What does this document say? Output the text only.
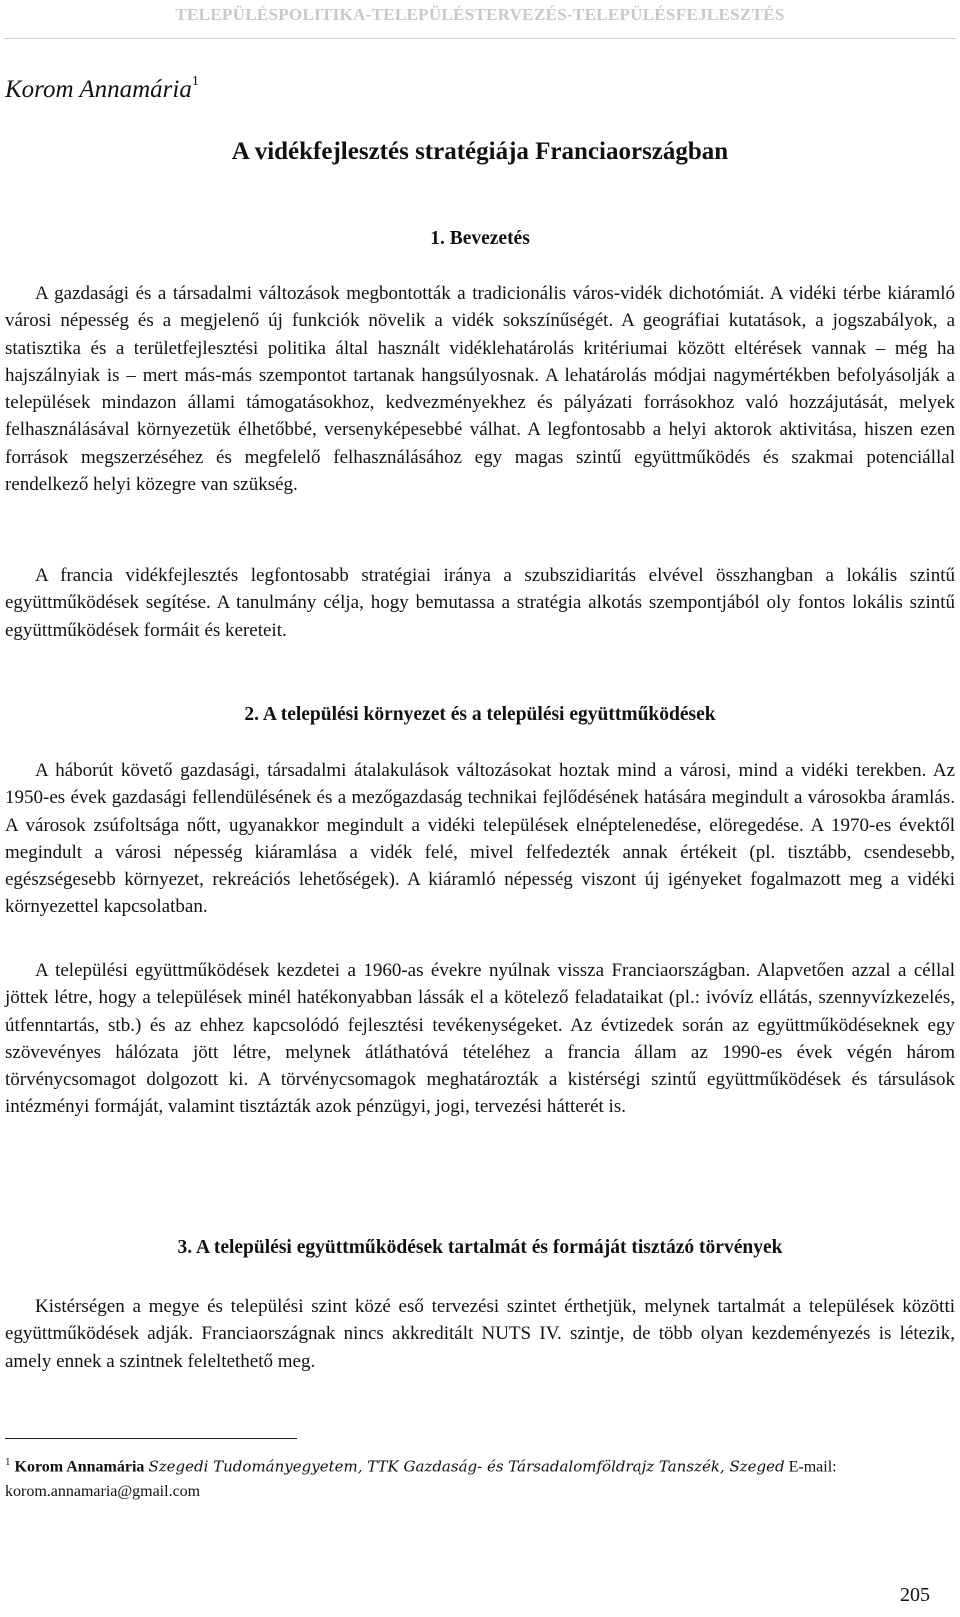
TELEPÜLÉSPOLITIKA-TELEPÜLÉSTERVEZÉS-TELEPÜLÉSFEJLESZTÉS
Korom Annamária$^1$
A vidékfejlesztés stratégiája Franciaországban
1. Bevezetés

A gazdasági és a társadalmi változások megbontották a tradicionális város-vidék dichotómiát. A vidéki térbe kiáramló városi népesség és a megjelenő új funkciók növelik a vidék sokszínűségét. A geográfiai kutatások, a jogszabályok, a statisztika és a területfejlesztési politika által használt vidéklehatárolás kritériumai között eltérések vannak – még ha hajszálnyiak is – mert más-más szempontot tartanak hangsúlyosnak. A lehatárolás módjai nagymértékben befolyásolják a települések mindazon állami támogatásokhoz, kedvezményekhez és pályázati forrásokhoz való hozzájutását, melyek felhasználásával környezetük élhetőbbé, versenyképesebbé válhat. A legfontosabb a helyi aktorok aktivitása, hiszen ezen források megszerzéséhez és megfelelő felhasználásához egy magas szintű együttműködés és szakmai potenciállal rendelkező helyi közegre van szükség.

A francia vidékfejlesztés legfontosabb stratégiai iránya a szubszidiaritás elvével összhangban a lokális szintű együttműködések segítése. A tanulmány célja, hogy bemutassa a stratégia alkotás szempontjából oly fontos lokális szintű együttműködések formáit és kereteit.

2. A települési környezet és a települési együttműködések

A háborút követő gazdasági, társadalmi átalakulások változásokat hoztak mind a városi, mind a vidéki terekben. Az 1950-es évek gazdasági fellendülésének és a mezőgazdaság technikai fejlődésének hatására megindult a városokba áramlás. A városok zsúfoltsága nőtt, ugyanakkor megindult a vidéki települések elnéptelenedése, elöregedése. A 1970-es évektől megindult a városi népesség kiáramlása a vidék felé, mivel felfedezték annak értékeit (pl. tisztább, csendesebb, egészségesebb környezet, rekreációs lehetőségek). A kiáramló népesség viszont új igényeket fogalmazott meg a vidéki környezettel kapcsolatban.

A települési együttműködések kezdetei a 1960-as évekre nyúlnak vissza Franciaországban. Alapvetően azzal a céllal jöttek létre, hogy a települések minél hatékonyabban lássák el a kötelező feladataikat (pl.: ivóvíz ellátás, szennyvízkezelés, útfenntartás, stb.) és az ehhez kapcsolódó fejlesztési tevékenységeket. Az évtizedek során az együttműködéseknek egy szövevényes hálózata jött létre, melynek átláthatóvá tételéhez a francia állam az 1990-es évek végén három törvénycsomagot dolgozott ki. A törvénycsomagok meghatározták a kistérségi szintű együttműködések és társulások intézményi formáját, valamint tisztázták azok pénzügyi, jogi, tervezési hátterét is.

3. A települési együttműködések tartalmát és formáját tisztázó törvények

Kistérségen a megye és települési szint közé eső tervezési szintet érthetjük, melynek tartalmát a települések közötti együttműködések adják. Franciaországnak nincs akkreditált NUTS IV. szintje, de több olyan kezdeményezés is létezik, amely ennek a szintnek feleltethető meg.

$^1$ Korom Annamária Szegedi Tudományegyetem, TTK Gazdaság- és Társadalomföldrajz Tanszék, Szeged E-mail:
korom.annamaria@gmail.com
205
